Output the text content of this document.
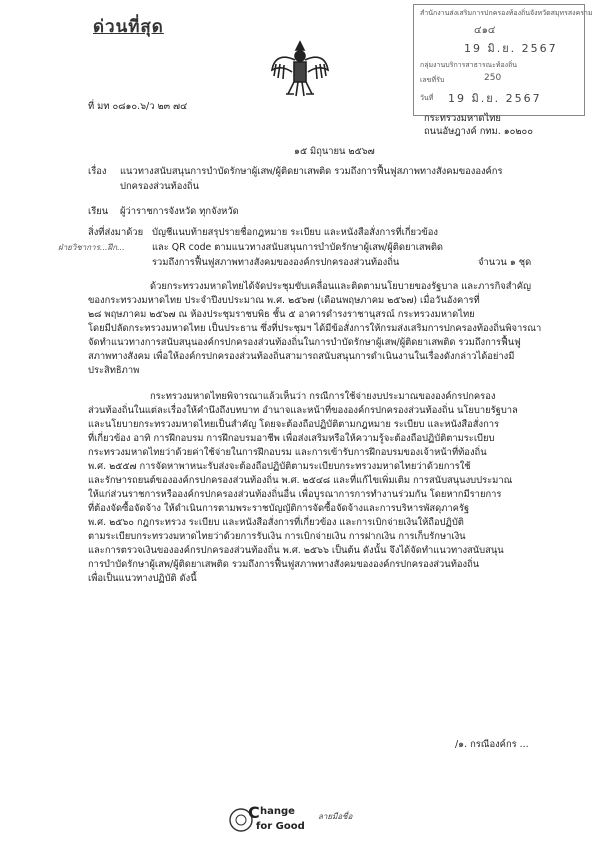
ด่วนที่สุด
สำนักงานส่งเสริมการปกครองท้องถิ่นจังหวัดสมุทรสงคราม
๔๑๔
19 มิ.ย. 2567
กลุ่มงานบริการสาธารณะท้องถิ่น
เลขที่รับ	250
วันที่ 19 มิ.ย. 2567
ที่ มท ๐๘๑๐.๖/ว ๒๓ ๗๔
กระทรวงมหาดไทย
ถนนอัษฎางค์ กทม. ๑๐๒๐๐
๑๕ มิถุนายน ๒๕๖๗
เรื่อง แนวทางสนับสนุนการบำบัดรักษาผู้เสพ/ผู้ติดยาเสพติด รวมถึงการฟื้นฟูสภาพทางสังคมขององค์กร
ปกครองส่วนท้องถิ่น
เรียน ผู้ว่าราชการจังหวัด ทุกจังหวัด
สิ่งที่ส่งมาด้วย บัญชีแนบท้ายสรุปรายชื่อกฎหมาย ระเบียบ และหนังสือสั่งการที่เกี่ยวข้อง
ฝ่ายวิชาการ...ฝึก...	และ QR code ตามแนวทางสนับสนุนการบำบัดรักษาผู้เสพ/ผู้ติดยาเสพติด
รวมถึงการฟื้นฟูสภาพทางสังคมขององค์กรปกครองส่วนท้องถิ่น	จำนวน ๑ ชุด
ด้วยกระทรวงมหาดไทยได้จัดประชุมขับเคลื่อนและติดตามนโยบายของรัฐบาล และภารกิจสำคัญ
ของกระทรวงมหาดไทย ประจำปีงบประมาณ พ.ศ. ๒๕๖๗ (เดือนพฤษภาคม ๒๕๖๗) เมื่อวันอังคารที่
๒๘ พฤษภาคม ๒๕๖๗ ณ ห้องประชุมราชบพิธ ชั้น ๕ อาคารดำรงราชานุสรณ์ กระทรวงมหาดไทย
โดยมีปลัดกระทรวงมหาดไทย เป็นประธาน ซึ่งที่ประชุมฯ ได้มีข้อสั่งการให้กรมส่งเสริมการปกครองท้องถิ่นพิจารณา
จัดทำแนวทางการสนับสนุนองค์กรปกครองส่วนท้องถิ่นในการบำบัดรักษาผู้เสพ/ผู้ติดยาเสพติด รวมถึงการฟื้นฟู
สภาพทางสังคม เพื่อให้องค์กรปกครองส่วนท้องถิ่นสามารถสนับสนุนการดำเนินงานในเรื่องดังกล่าวได้อย่างมี
ประสิทธิภาพ
กระทรวงมหาดไทยพิจารณาแล้วเห็นว่า กรณีการใช้จ่ายงบประมาณขององค์กรปกครอง
ส่วนท้องถิ่นในแต่ละเรื่องให้คำนึงถึงบทบาท อำนาจและหน้าที่ขององค์กรปกครองส่วนท้องถิ่น นโยบายรัฐบาล
และนโยบายกระทรวงมหาดไทยเป็นสำคัญ โดยจะต้องถือปฏิบัติตามกฎหมาย ระเบียบ และหนังสือสั่งการ
ที่เกี่ยวข้อง อาทิ การฝึกอบรม การฝึกอบรมอาชีพ เพื่อส่งเสริมหรือให้ความรู้จะต้องถือปฏิบัติตามระเบียบ
กระทรวงมหาดไทยว่าด้วยค่าใช้จ่ายในการฝึกอบรม และการเข้ารับการฝึกอบรมของเจ้าหน้าที่ท้องถิ่น
พ.ศ. ๒๕๕๗ การจัดหาพาหนะรับส่งจะต้องถือปฏิบัติตามระเบียบกระทรวงมหาดไทยว่าด้วยการใช้
และรักษารถยนต์ขององค์กรปกครองส่วนท้องถิ่น พ.ศ. ๒๕๔๘ และที่แก้ไขเพิ่มเติม การสนับสนุนงบประมาณ
ให้แก่ส่วนราชการหรือองค์กรปกครองส่วนท้องถิ่นอื่น เพื่อบูรณาการการทำงานร่วมกัน โดยหากมีรายการ
ที่ต้องจัดซื้อจัดจ้าง ให้ดำเนินการตามพระราชบัญญัติการจัดซื้อจัดจ้างและการบริหารพัสดุภาครัฐ
พ.ศ. ๒๕๖๐ กฎกระทรวง ระเบียบ และหนังสือสั่งการที่เกี่ยวข้อง และการเบิกจ่ายเงินให้ถือปฏิบัติ
ตามระเบียบกระทรวงมหาดไทยว่าด้วยการรับเงิน การเบิกจ่ายเงิน การฝากเงิน การเก็บรักษาเงิน
และการตรวจเงินขององค์กรปกครองส่วนท้องถิ่น พ.ศ. ๒๕๖๖ เป็นต้น ดังนั้น จึงได้จัดทำแนวทางสนับสนุน
การบำบัดรักษาผู้เสพ/ผู้ติดยาเสพติด รวมถึงการฟื้นฟูสภาพทางสังคมขององค์กรปกครองส่วนท้องถิ่น
เพื่อเป็นแนวทางปฏิบัติ ดังนี้
/๑. กรณีองค์กร ...
C hange
for Good
ลายมือชื่อ
